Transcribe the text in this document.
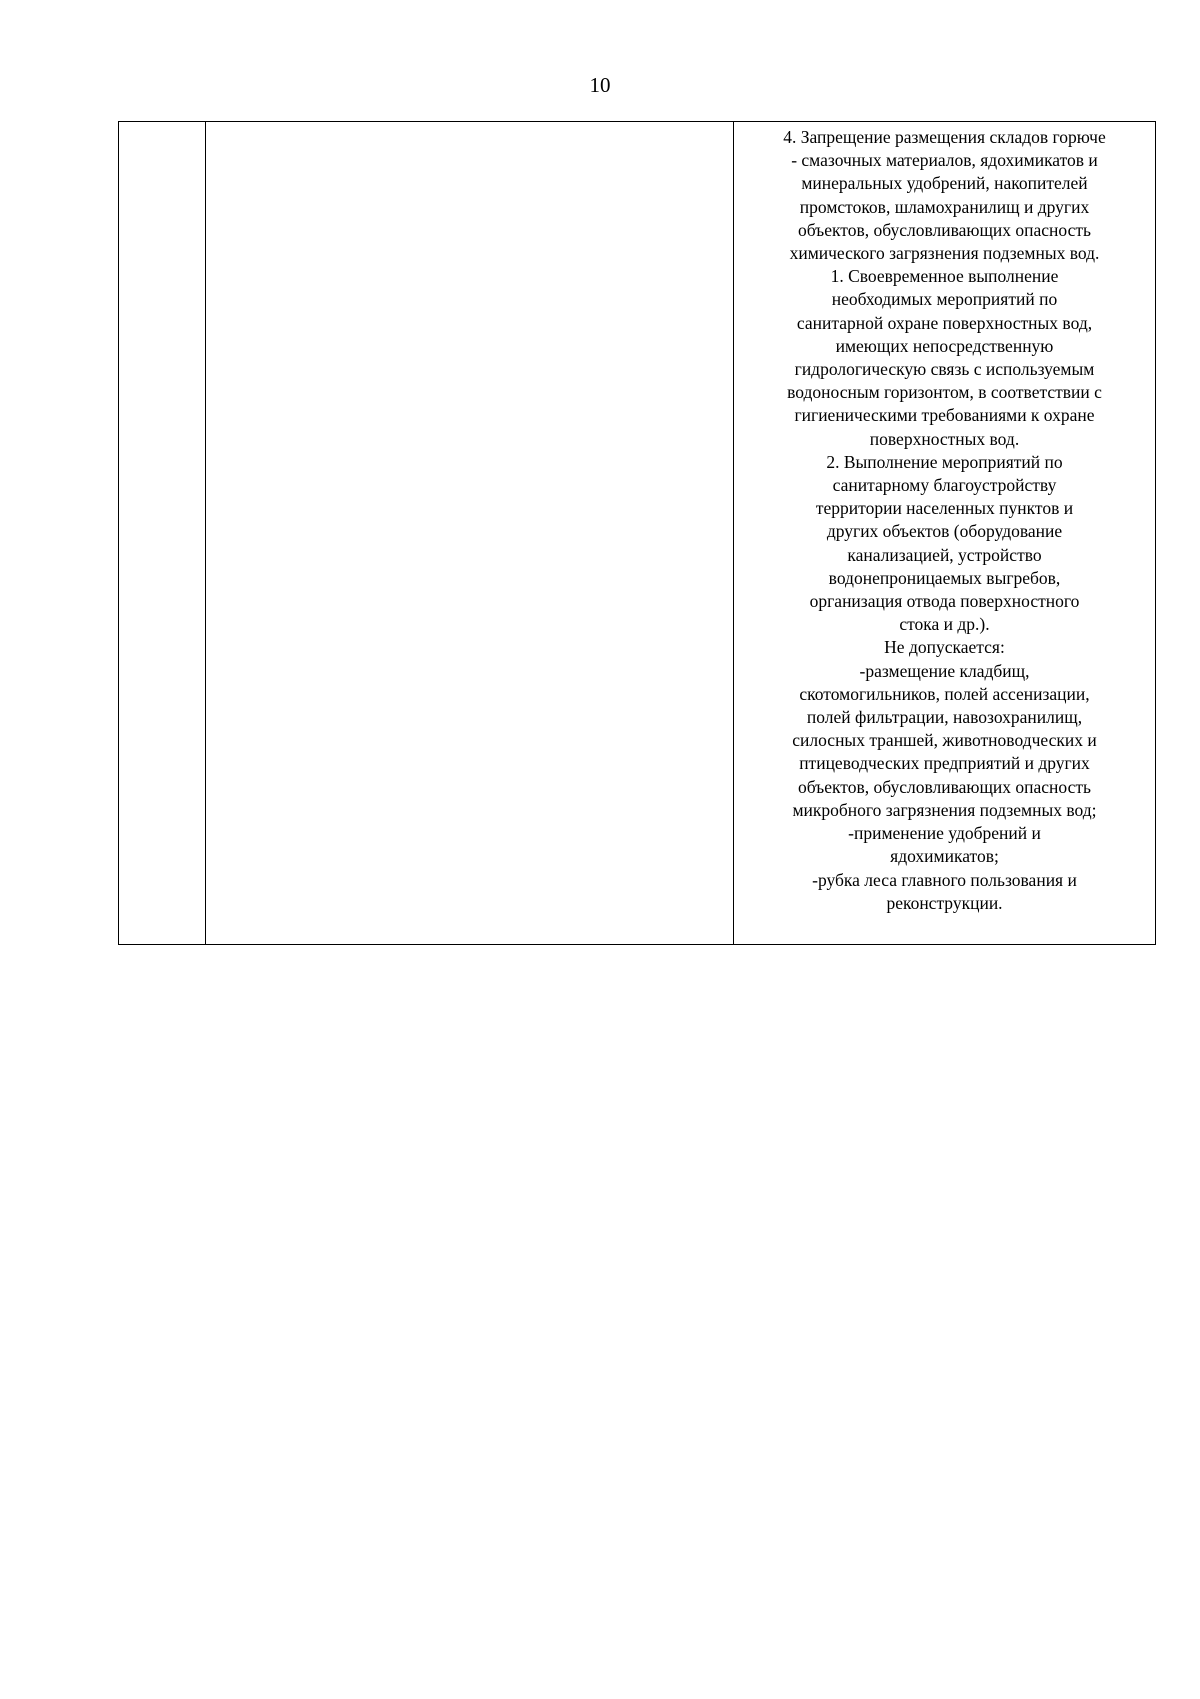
10

4. Запрещение размещения складов горюче
- смазочных материалов, ядохимикатов и
минеральных удобрений, накопителей
промстоков, шламохранилищ и других
объектов, обусловливающих опасность
химического загрязнения подземных вод.
1. Своевременное выполнение
необходимых мероприятий по
санитарной охране поверхностных вод,
имеющих непосредственную
гидрологическую связь с используемым
водоносным горизонтом, в соответствии с
гигиеническими требованиями к охране
поверхностных вод.
2. Выполнение мероприятий по
санитарному благоустройству
территории населенных пунктов и
других объектов (оборудование
канализацией, устройство
водонепроницаемых выгребов,
организация отвода поверхностного
стока и др.).
Не допускается:
-размещение кладбищ,
скотомогильников, полей ассенизации,
полей фильтрации, навозохранилищ,
силосных траншей, животноводческих и
птицеводческих предприятий и других
объектов, обусловливающих опасность
микробного загрязнения подземных вод;
-применение удобрений и
ядохимикатов;
-рубка леса главного пользования и
реконструкции.
